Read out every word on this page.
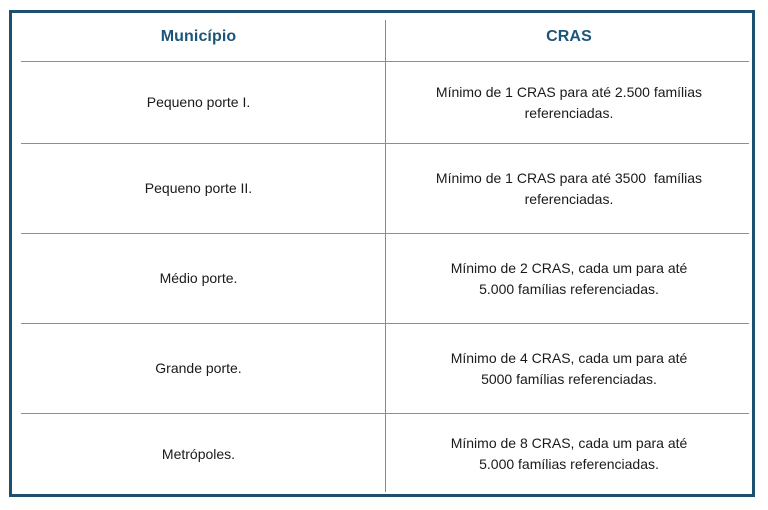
Município	CRAS
Pequeno porte I.
Mínimo de 1 CRAS para até 2.500 famílias referenciadas.
Pequeno porte II.
Mínimo de 1 CRAS para até 3500  famílias referenciadas.
Médio porte.
Mínimo de 2 CRAS, cada um para até 5.000 famílias referenciadas.
Grande porte.
Mínimo de 4 CRAS, cada um para até 5000 famílias referenciadas.
Metrópoles.
Mínimo de 8 CRAS, cada um para até 5.000 famílias referenciadas.
